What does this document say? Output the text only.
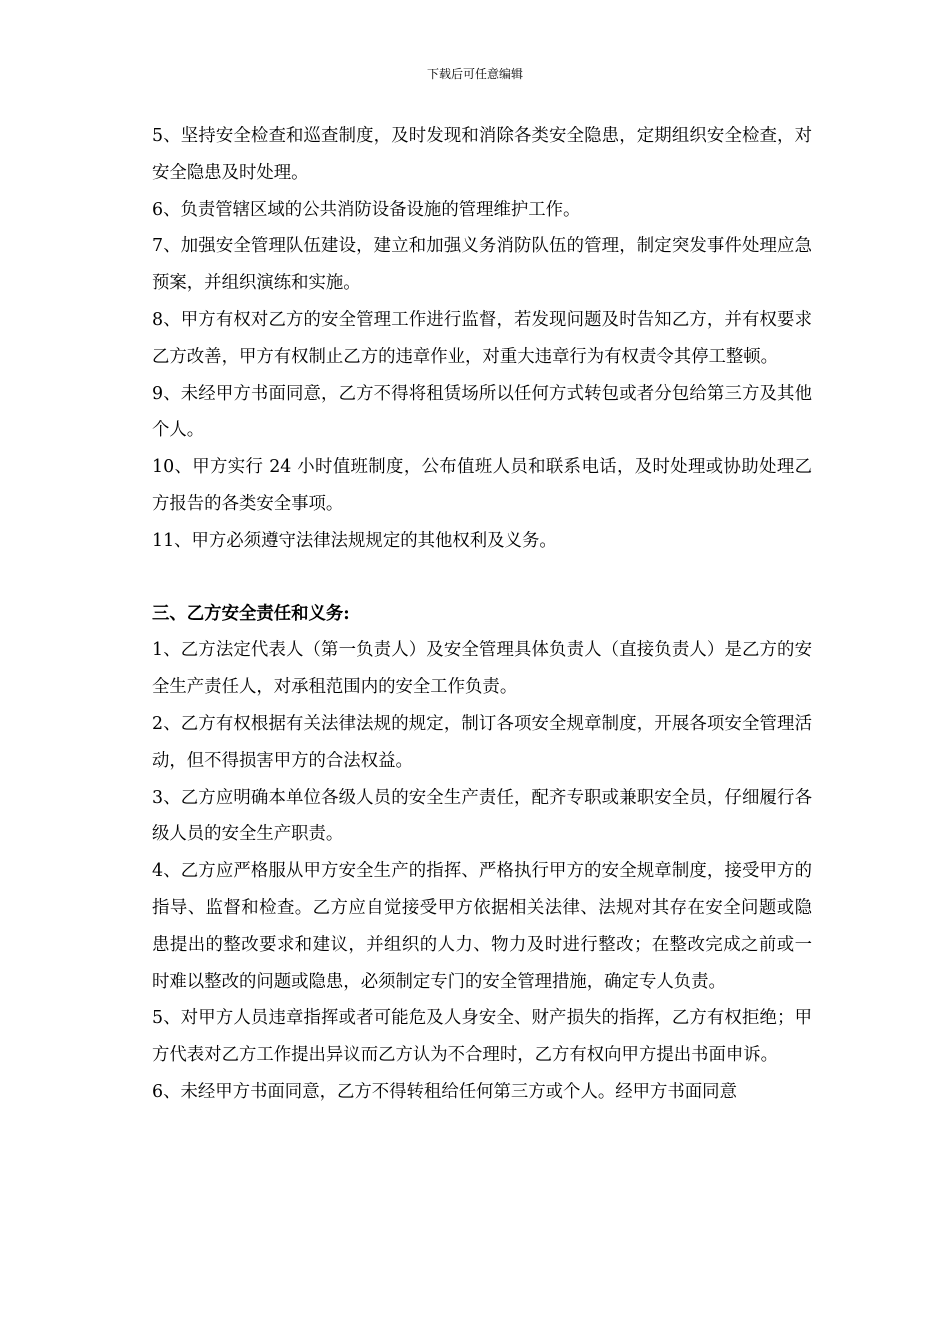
下载后可任意编辑

5、坚持安全检查和巡查制度，及时发现和消除各类安全隐患，定期组织安全检查，对安全隐患及时处理。

6、负责管辖区域的公共消防设备设施的管理维护工作。

7、加强安全管理队伍建设，建立和加强义务消防队伍的管理，制定突发事件处理应急预案，并组织演练和实施。

8、甲方有权对乙方的安全管理工作进行监督，若发现问题及时告知乙方，并有权要求乙方改善，甲方有权制止乙方的违章作业，对重大违章行为有权责令其停工整顿。

9、未经甲方书面同意，乙方不得将租赁场所以任何方式转包或者分包给第三方及其他个人。

10、甲方实行 24 小时值班制度，公布值班人员和联系电话，及时处理或协助处理乙方报告的各类安全事项。

11、甲方必须遵守法律法规规定的其他权利及义务。

三、乙方安全责任和义务:

1、乙方法定代表人（第一负责人）及安全管理具体负责人（直接负责人）是乙方的安全生产责任人，对承租范围内的安全工作负责。

2、乙方有权根据有关法律法规的规定，制订各项安全规章制度，开展各项安全管理活动，但不得损害甲方的合法权益。

3、乙方应明确本单位各级人员的安全生产责任，配齐专职或兼职安全员，仔细履行各级人员的安全生产职责。

4、乙方应严格服从甲方安全生产的指挥、严格执行甲方的安全规章制度，接受甲方的指导、监督和检查。乙方应自觉接受甲方依据相关法律、法规对其存在安全问题或隐患提出的整改要求和建议，并组织的人力、物力及时进行整改；在整改完成之前或一时难以整改的问题或隐患，必须制定专门的安全管理措施，确定专人负责。

5、对甲方人员违章指挥或者可能危及人身安全、财产损失的指挥，乙方有权拒绝；甲方代表对乙方工作提出异议而乙方认为不合理时，乙方有权向甲方提出书面申诉。

6、未经甲方书面同意，乙方不得转租给任何第三方或个人。经甲方书面同意
